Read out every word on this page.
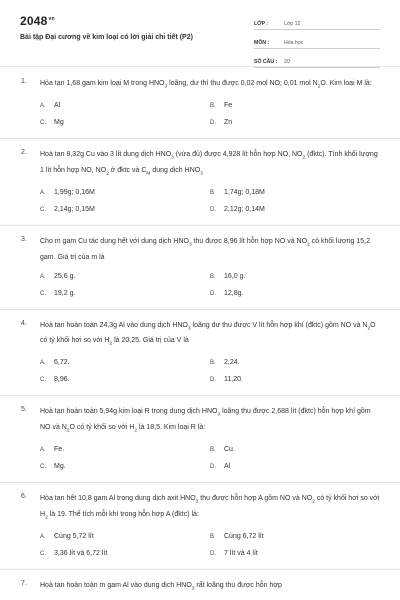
$2048^{vn}$
Bài tập Đại cương về kim loại có lời giải chi tiết (P2)
LỚP :	Lớp 12
MÔN :	Hóa học
SỐ CÂU : 20
1. Hòa tan 1,68 gam kim loại M trong $HNO_3$ loãng, dư thì thu được 0,02 mol NO; 0,01 mol $N_2O$. Kim loại M là:
A. Al	B. Fe
C. Mg	D. Zn
2. Hoà tan 8,32g Cu vào 3 lít dung dịch $HNO_3$ (vừa đủ) được 4,928 lít hỗn hợp NO, $NO_2$ (đktc). Tính khối lượng 1 lít hỗn hợp NO, $NO_2$ ở đktc và $C_M$ dung dịch $HNO_3$
A. 1,99g; 0,16M	B. 1,74g; 0,18M
C. 2,14g; 0,15M	D. 2,12g; 0,14M
3. Cho m gam Cu tác dụng hết với dung dịch $HNO_3$ thu được 8,96 lít hỗn hợp NO và $NO_2$ có khối lượng 15,2 gam. Giá trị của m là
A. 25,6 g.	B. 16,0 g.
C. 19,2 g.	D. 12,8g.
4. Hoà tan hoàn toàn 24,3g Al vào dung dịch $HNO_3$ loãng dư thu được V lít hỗn hợp khí (đktc) gồm NO và $N_2O$ có tỷ khối hơi so với $H_2$ là 20,25. Giá trị của V là
A. 6,72.	B. 2,24.
C. 8,96.	D. 11,20.
5. Hoà tan hoàn toàn 5,94g kim loại R trong dung dịch $HNO_3$ loãng thu được 2,688 lít (đktc) hỗn hợp khí gồm NO và $N_2O$ có tỷ khối so với $H_2$ là 18,5. Kim loại R là:
A. Fe.	B. Cu.
C. Mg.	D. Al
6. Hòa tan hết 10,8 gam Al trong dung dịch axit $HNO_3$ thu được hỗn hợp A gồm NO và $NO_2$ có tỷ khối hơi so với $H_2$ là 19. Thể tích mỗi khí trong hỗn hợp A (đktc) là:
A. Cùng 5,72 lít	B. Cùng 6,72 lít
C. 3,36 lít và 6,72 lít	D. 7 lít và 4 lít
7. Hoà tan hoàn toàn m gam Al vào dung dịch $HNO_3$ rất loãng thu được hỗn hợp
